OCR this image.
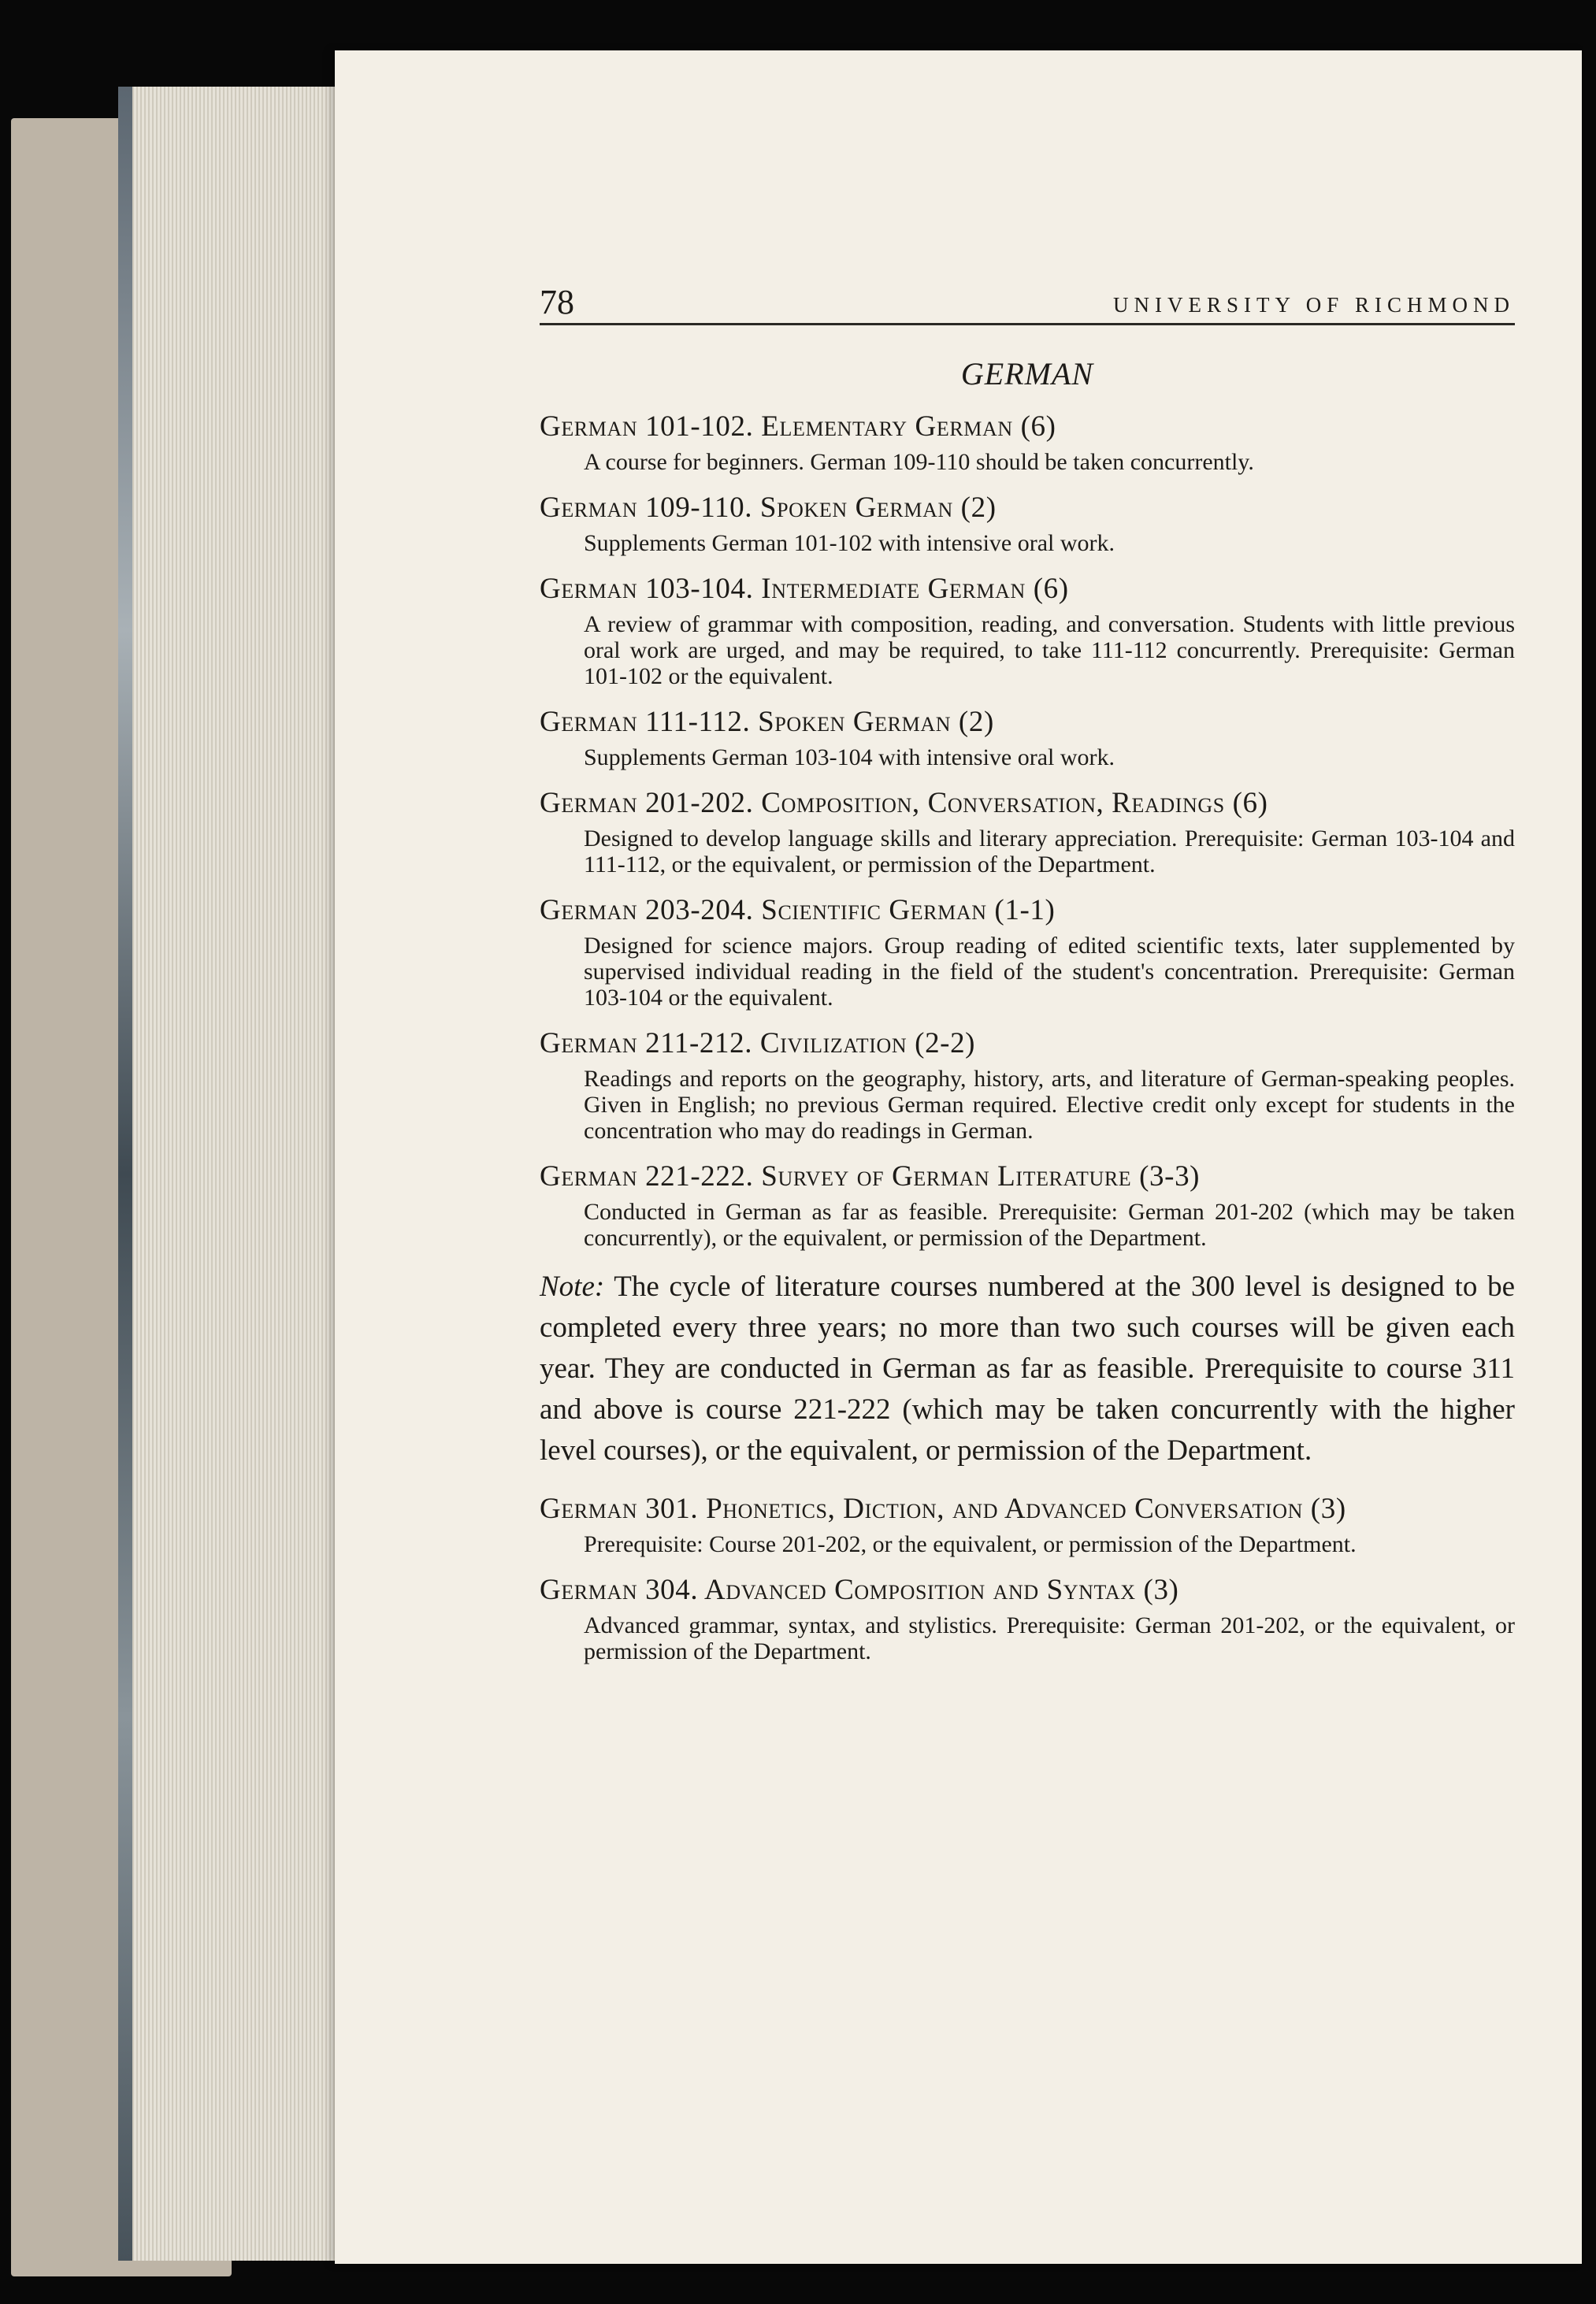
78	UNIVERSITY OF RICHMOND
GERMAN
German 101-102. Elementary German (6)
A course for beginners. German 109-110 should be taken concurrently.
German 109-110. Spoken German (2)
Supplements German 101-102 with intensive oral work.
German 103-104. Intermediate German (6)
A review of grammar with composition, reading, and conversation. Students with little previous oral work are urged, and may be required, to take 111-112 concurrently. Prerequisite: German 101-102 or the equivalent.
German 111-112. Spoken German (2)
Supplements German 103-104 with intensive oral work.
German 201-202. Composition, Conversation, Readings (6)
Designed to develop language skills and literary appreciation. Prerequisite: German 103-104 and 111-112, or the equivalent, or permission of the Department.
German 203-204. Scientific German (1-1)
Designed for science majors. Group reading of edited scientific texts, later supplemented by supervised individual reading in the field of the student's concentration. Prerequisite: German 103-104 or the equivalent.
German 211-212. Civilization (2-2)
Readings and reports on the geography, history, arts, and literature of German-speaking peoples. Given in English; no previous German required. Elective credit only except for students in the concentration who may do readings in German.
German 221-222. Survey of German Literature (3-3)
Conducted in German as far as feasible. Prerequisite: German 201-202 (which may be taken concurrently), or the equivalent, or permission of the Department.
Note: The cycle of literature courses numbered at the 300 level is designed to be completed every three years; no more than two such courses will be given each year. They are conducted in German as far as feasible. Prerequisite to course 311 and above is course 221-222 (which may be taken concurrently with the higher level courses), or the equivalent, or permission of the Department.
German 301. Phonetics, Diction, and Advanced Conversation (3)
Prerequisite: Course 201-202, or the equivalent, or permission of the Department.
German 304. Advanced Composition and Syntax (3)
Advanced grammar, syntax, and stylistics. Prerequisite: German 201-202, or the equivalent, or permission of the Department.
